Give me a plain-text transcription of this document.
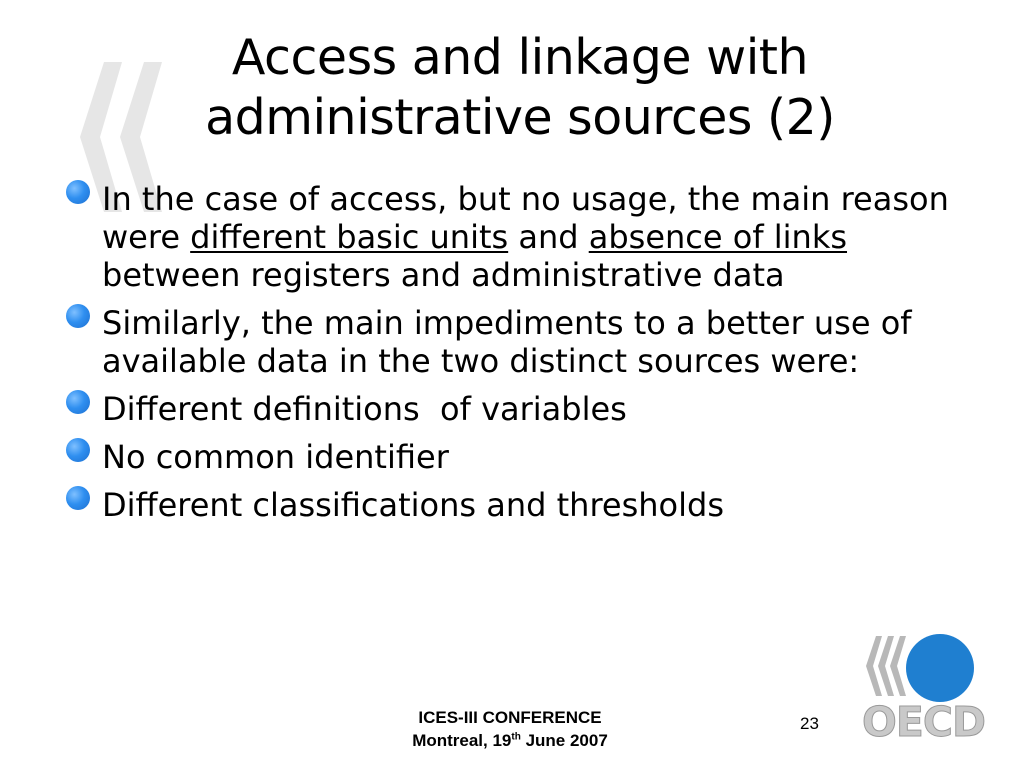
Access and linkage with administrative sources (2)
In the case of access, but no usage, the main reason were different basic units and absence of links between registers and administrative data
Similarly, the main impediments to a better use of  available data in the two distinct sources were:
Different definitions  of variables
No common identifier
Different classifications and thresholds
ICES-III CONFERENCE
Montreal, 19th June 2007
23 OECD
